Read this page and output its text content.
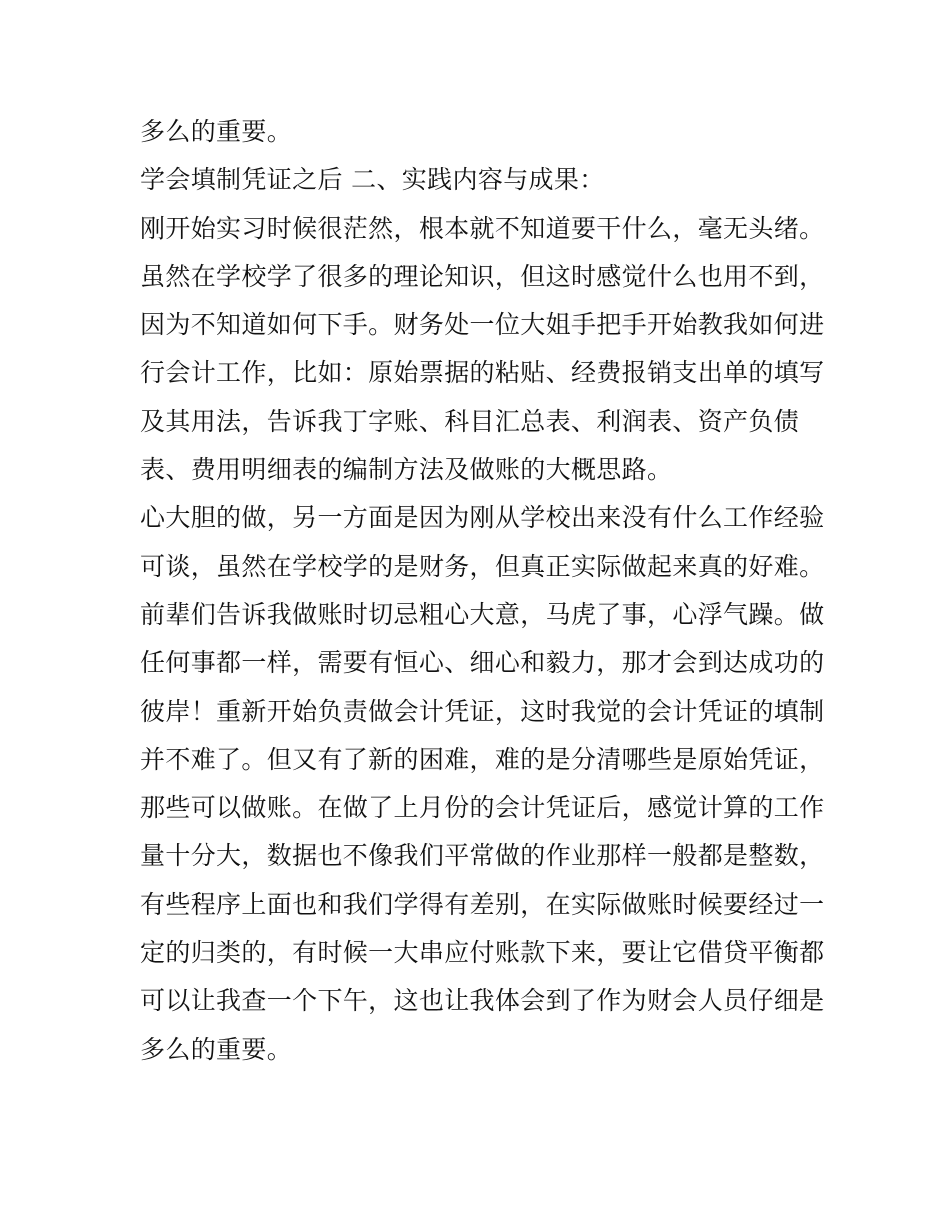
多么的重要。
学会填制凭证之后 二、实践内容与成果：
刚开始实习时候很茫然，根本就不知道要干什么，毫无头绪。
虽然在学校学了很多的理论知识，但这时感觉什么也用不到，
因为不知道如何下手。财务处一位大姐手把手开始教我如何进
行会计工作，比如：原始票据的粘贴、经费报销支出单的填写
及其用法，告诉我丁字账、科目汇总表、利润表、资产负债
表、费用明细表的编制方法及做账的大概思路。
心大胆的做，另一方面是因为刚从学校出来没有什么工作经验
可谈，虽然在学校学的是财务，但真正实际做起来真的好难。
前辈们告诉我做账时切忌粗心大意，马虎了事，心浮气躁。做
任何事都一样，需要有恒心、细心和毅力，那才会到达成功的
彼岸！重新开始负责做会计凭证，这时我觉的会计凭证的填制
并不难了。但又有了新的困难，难的是分清哪些是原始凭证，
那些可以做账。在做了上月份的会计凭证后，感觉计算的工作
量十分大，数据也不像我们平常做的作业那样一般都是整数，
有些程序上面也和我们学得有差别，在实际做账时候要经过一
定的归类的，有时候一大串应付账款下来，要让它借贷平衡都
可以让我查一个下午，这也让我体会到了作为财会人员仔细是
多么的重要。
